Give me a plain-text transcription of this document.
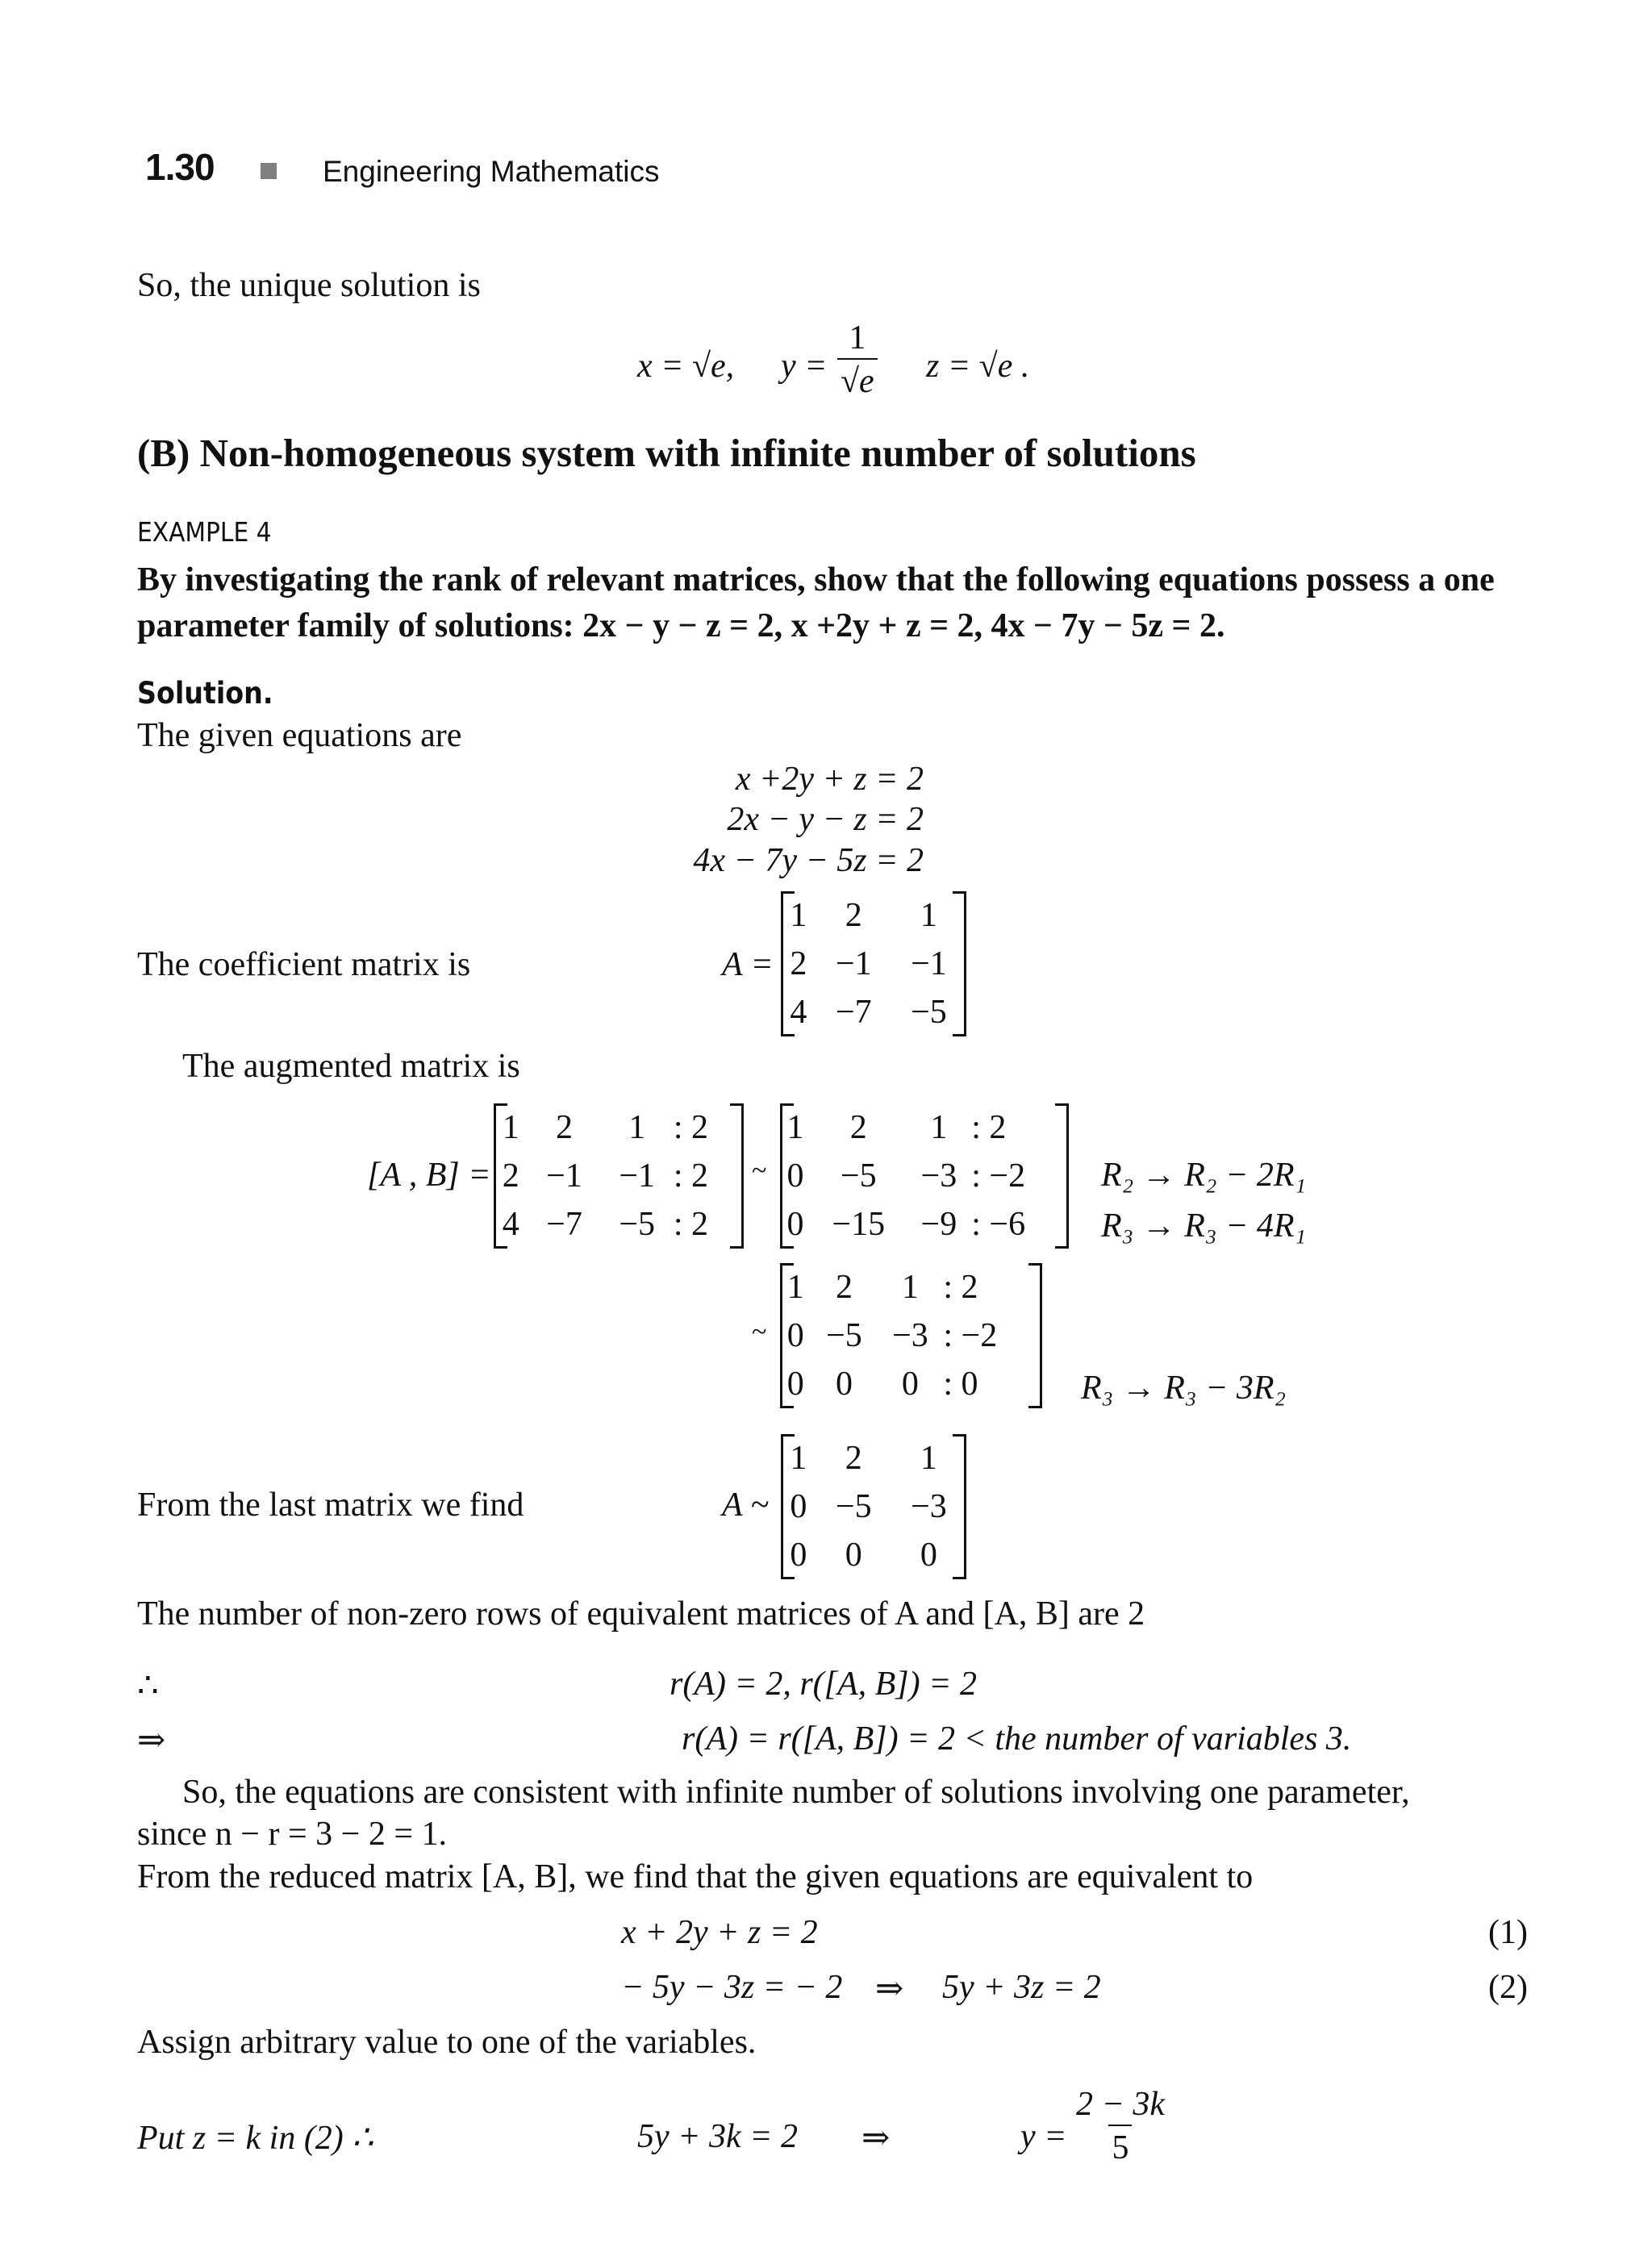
1.30	Engineering Mathematics
So, the unique solution is
x = √e, $y = \frac{1}{√e}$ z = √e .
(B) Non-homogeneous system with infinite number of solutions
EXAMPLE 4
By investigating the rank of relevant matrices, show that the following equations possess a one
parameter family of solutions: 2x − y − z = 2, x +2y + z = 2, 4x − 7y − 5z = 2.
Solution.
The given equations are
x +2y + z = 2
2x − y − z = 2
4x − 7y − 5z = 2
The coefficient matrix is	A =
1	2	1
2	−1	−1
4	−7	−5
The augmented matrix is
[A , B] =
1	2	1	: 2
2	−1	−1	: 2
4	−7	−5	: 2
~
1	2	1	: 2
0	−5	−3	: −2
0	−15	−9	: −6
R₂ → R₂ − 2R₁
R₃ → R₃ − 4R₁
~
1	2	1	: 2
0	−5	−3	: −2
0	0	0	: 0	R₃ → R₃ − 3R₂
From the last matrix we find	A ~
1	2	1
0	−5	−3
0	0	0
The number of non-zero rows of equivalent matrices of A and [A, B] are 2
∴	r(A) = 2, r([A, B]) = 2
⇒	r(A) = r([A, B]) = 2 < the number of variables 3.
So, the equations are consistent with infinite number of solutions involving one parameter,
since n − r = 3 − 2 = 1.
From the reduced matrix [A, B], we find that the given equations are equivalent to
x + 2y + z = 2	(1)
− 5y − 3z = − 2 ⇒ 5y + 3z = 2	(2)
Assign arbitrary value to one of the variables.
Put z = k in (2) ∴	5y + 3k = 2 ⇒	$y = \frac{2 - 3k}{5}$
